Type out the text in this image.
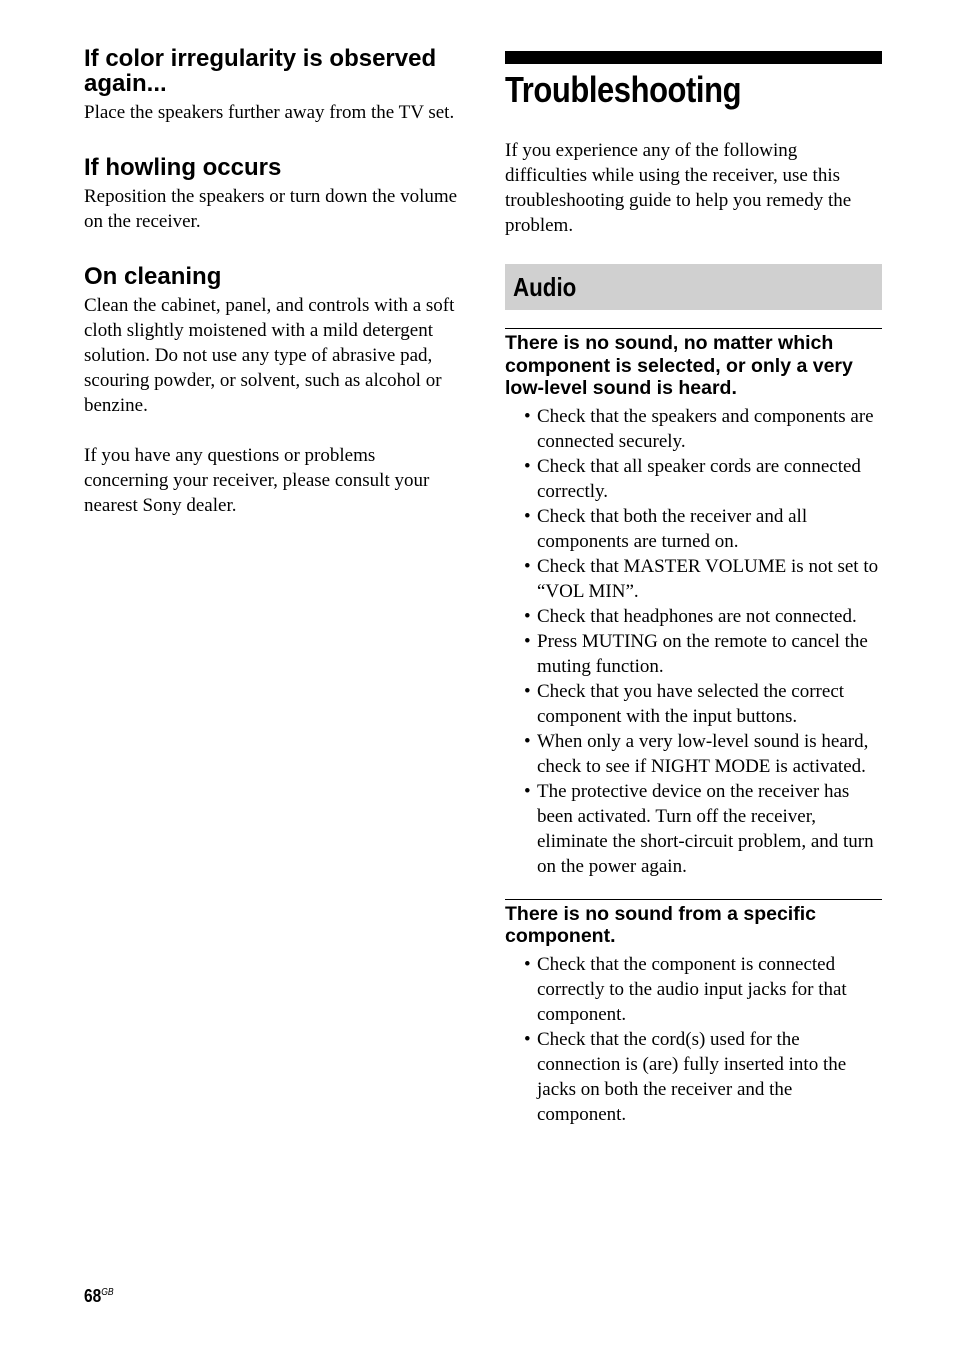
If color irregularity is observed again...

Place the speakers further away from the TV set.

If howling occurs

Reposition the speakers or turn down the volume on the receiver.

On cleaning

Clean the cabinet, panel, and controls with a soft cloth slightly moistened with a mild detergent solution. Do not use any type of abrasive pad, scouring powder, or solvent, such as alcohol or benzine.

If you have any questions or problems concerning your receiver, please consult your nearest Sony dealer.

Troubleshooting

If you experience any of the following difficulties while using the receiver, use this troubleshooting guide to help you remedy the problem.

Audio

There is no sound, no matter which component is selected, or only a very low-level sound is heard.

• Check that the speakers and components are connected securely.
• Check that all speaker cords are connected correctly.
• Check that both the receiver and all components are turned on.
• Check that MASTER VOLUME is not set to “VOL MIN”.
• Check that headphones are not connected.
• Press MUTING on the remote to cancel the muting function.
• Check that you have selected the correct component with the input buttons.
• When only a very low-level sound is heard, check to see if NIGHT MODE is activated.
• The protective device on the receiver has been activated. Turn off the receiver, eliminate the short-circuit problem, and turn on the power again.

There is no sound from a specific component.

• Check that the component is connected correctly to the audio input jacks for that component.
• Check that the cord(s) used for the connection is (are) fully inserted into the jacks on both the receiver and the component.
$68^{GB}$
